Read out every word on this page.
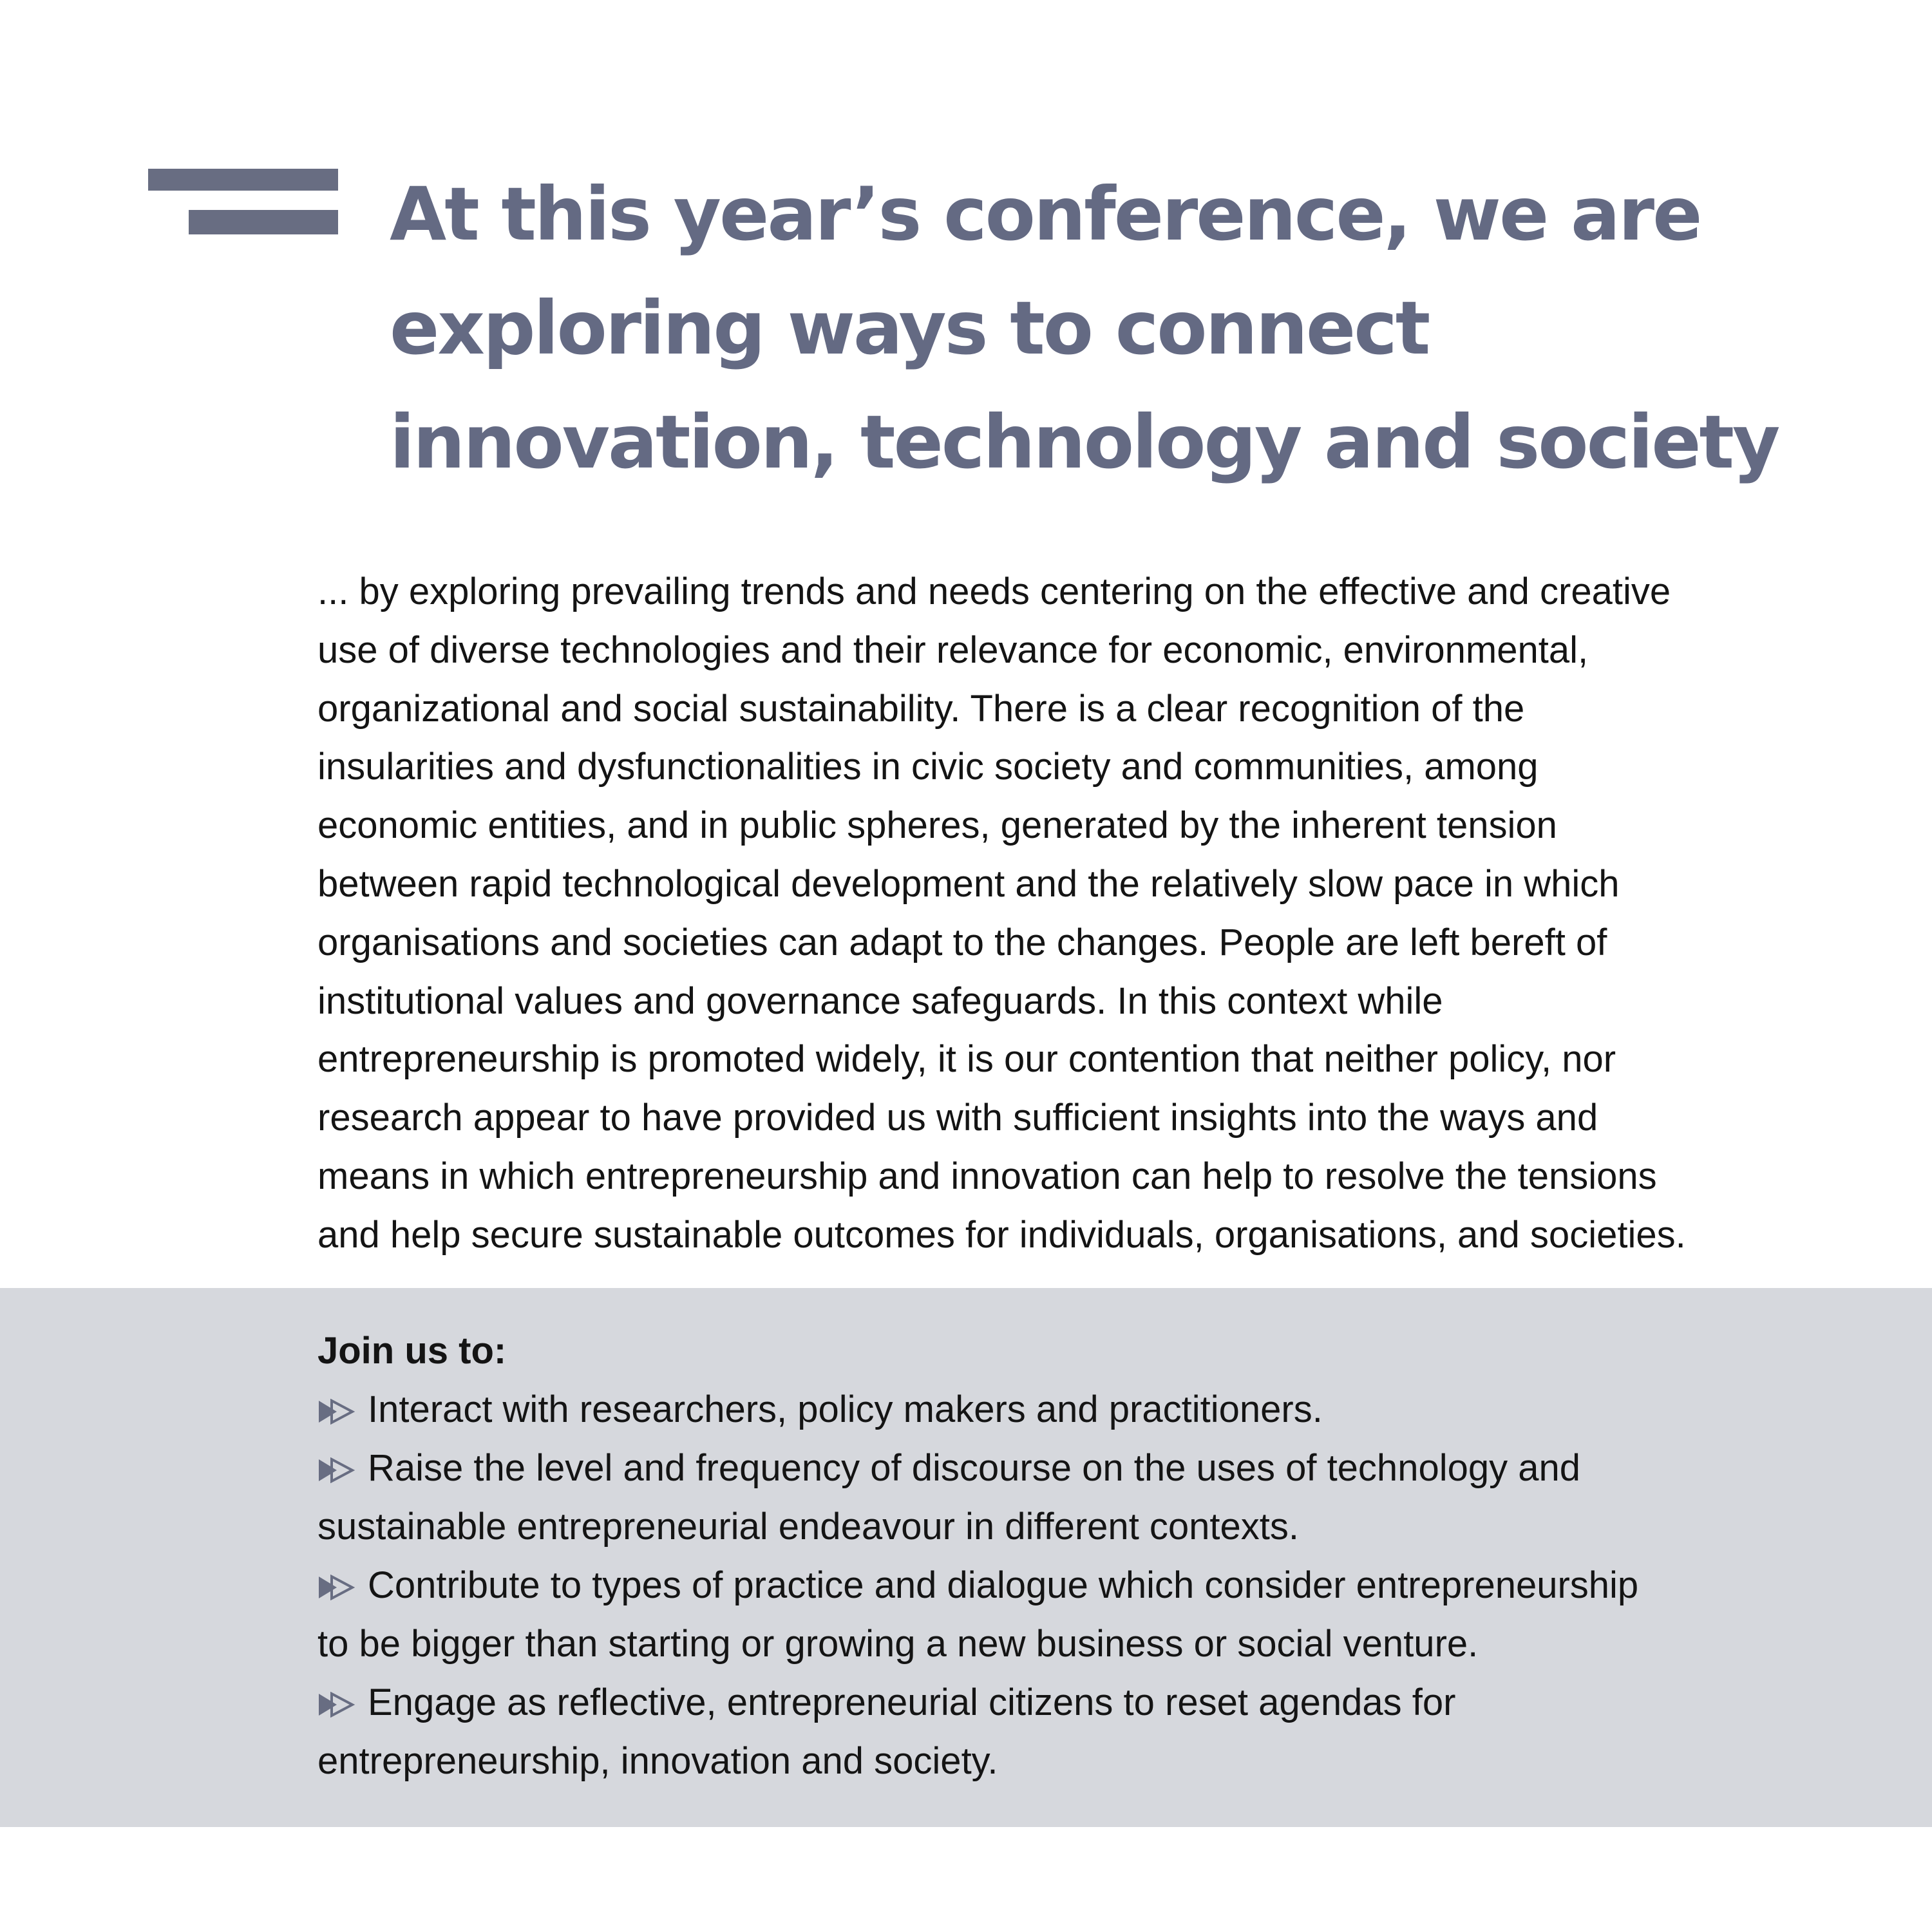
At this year’s conference, we are
exploring ways to connect
innovation, technology and society

... by exploring prevailing trends and needs centering on the effective and creative
use of diverse technologies and their relevance for economic, environmental,
organizational and social sustainability. There is a clear recognition of the
insularities and dysfunctionalities in civic society and communities, among
economic entities, and in public spheres, generated by the inherent tension
between rapid technological development and the relatively slow pace in which
organisations and societies can adapt to the changes. People are left bereft of
institutional values and governance safeguards. In this context while
entrepreneurship is promoted widely, it is our contention that neither policy, nor
research appear to have provided us with sufficient insights into the ways and
means in which entrepreneurship and innovation can help to resolve the tensions
and help secure sustainable outcomes for individuals, organisations, and societies.

Join us to:
Interact with researchers, policy makers and practitioners.
Raise the level and frequency of discourse on the uses of technology and
sustainable entrepreneurial endeavour in different contexts.
Contribute to types of practice and dialogue which consider entrepreneurship
to be bigger than starting or growing a new business or social venture.
Engage as reflective, entrepreneurial citizens to reset agendas for
entrepreneurship, innovation and society.
